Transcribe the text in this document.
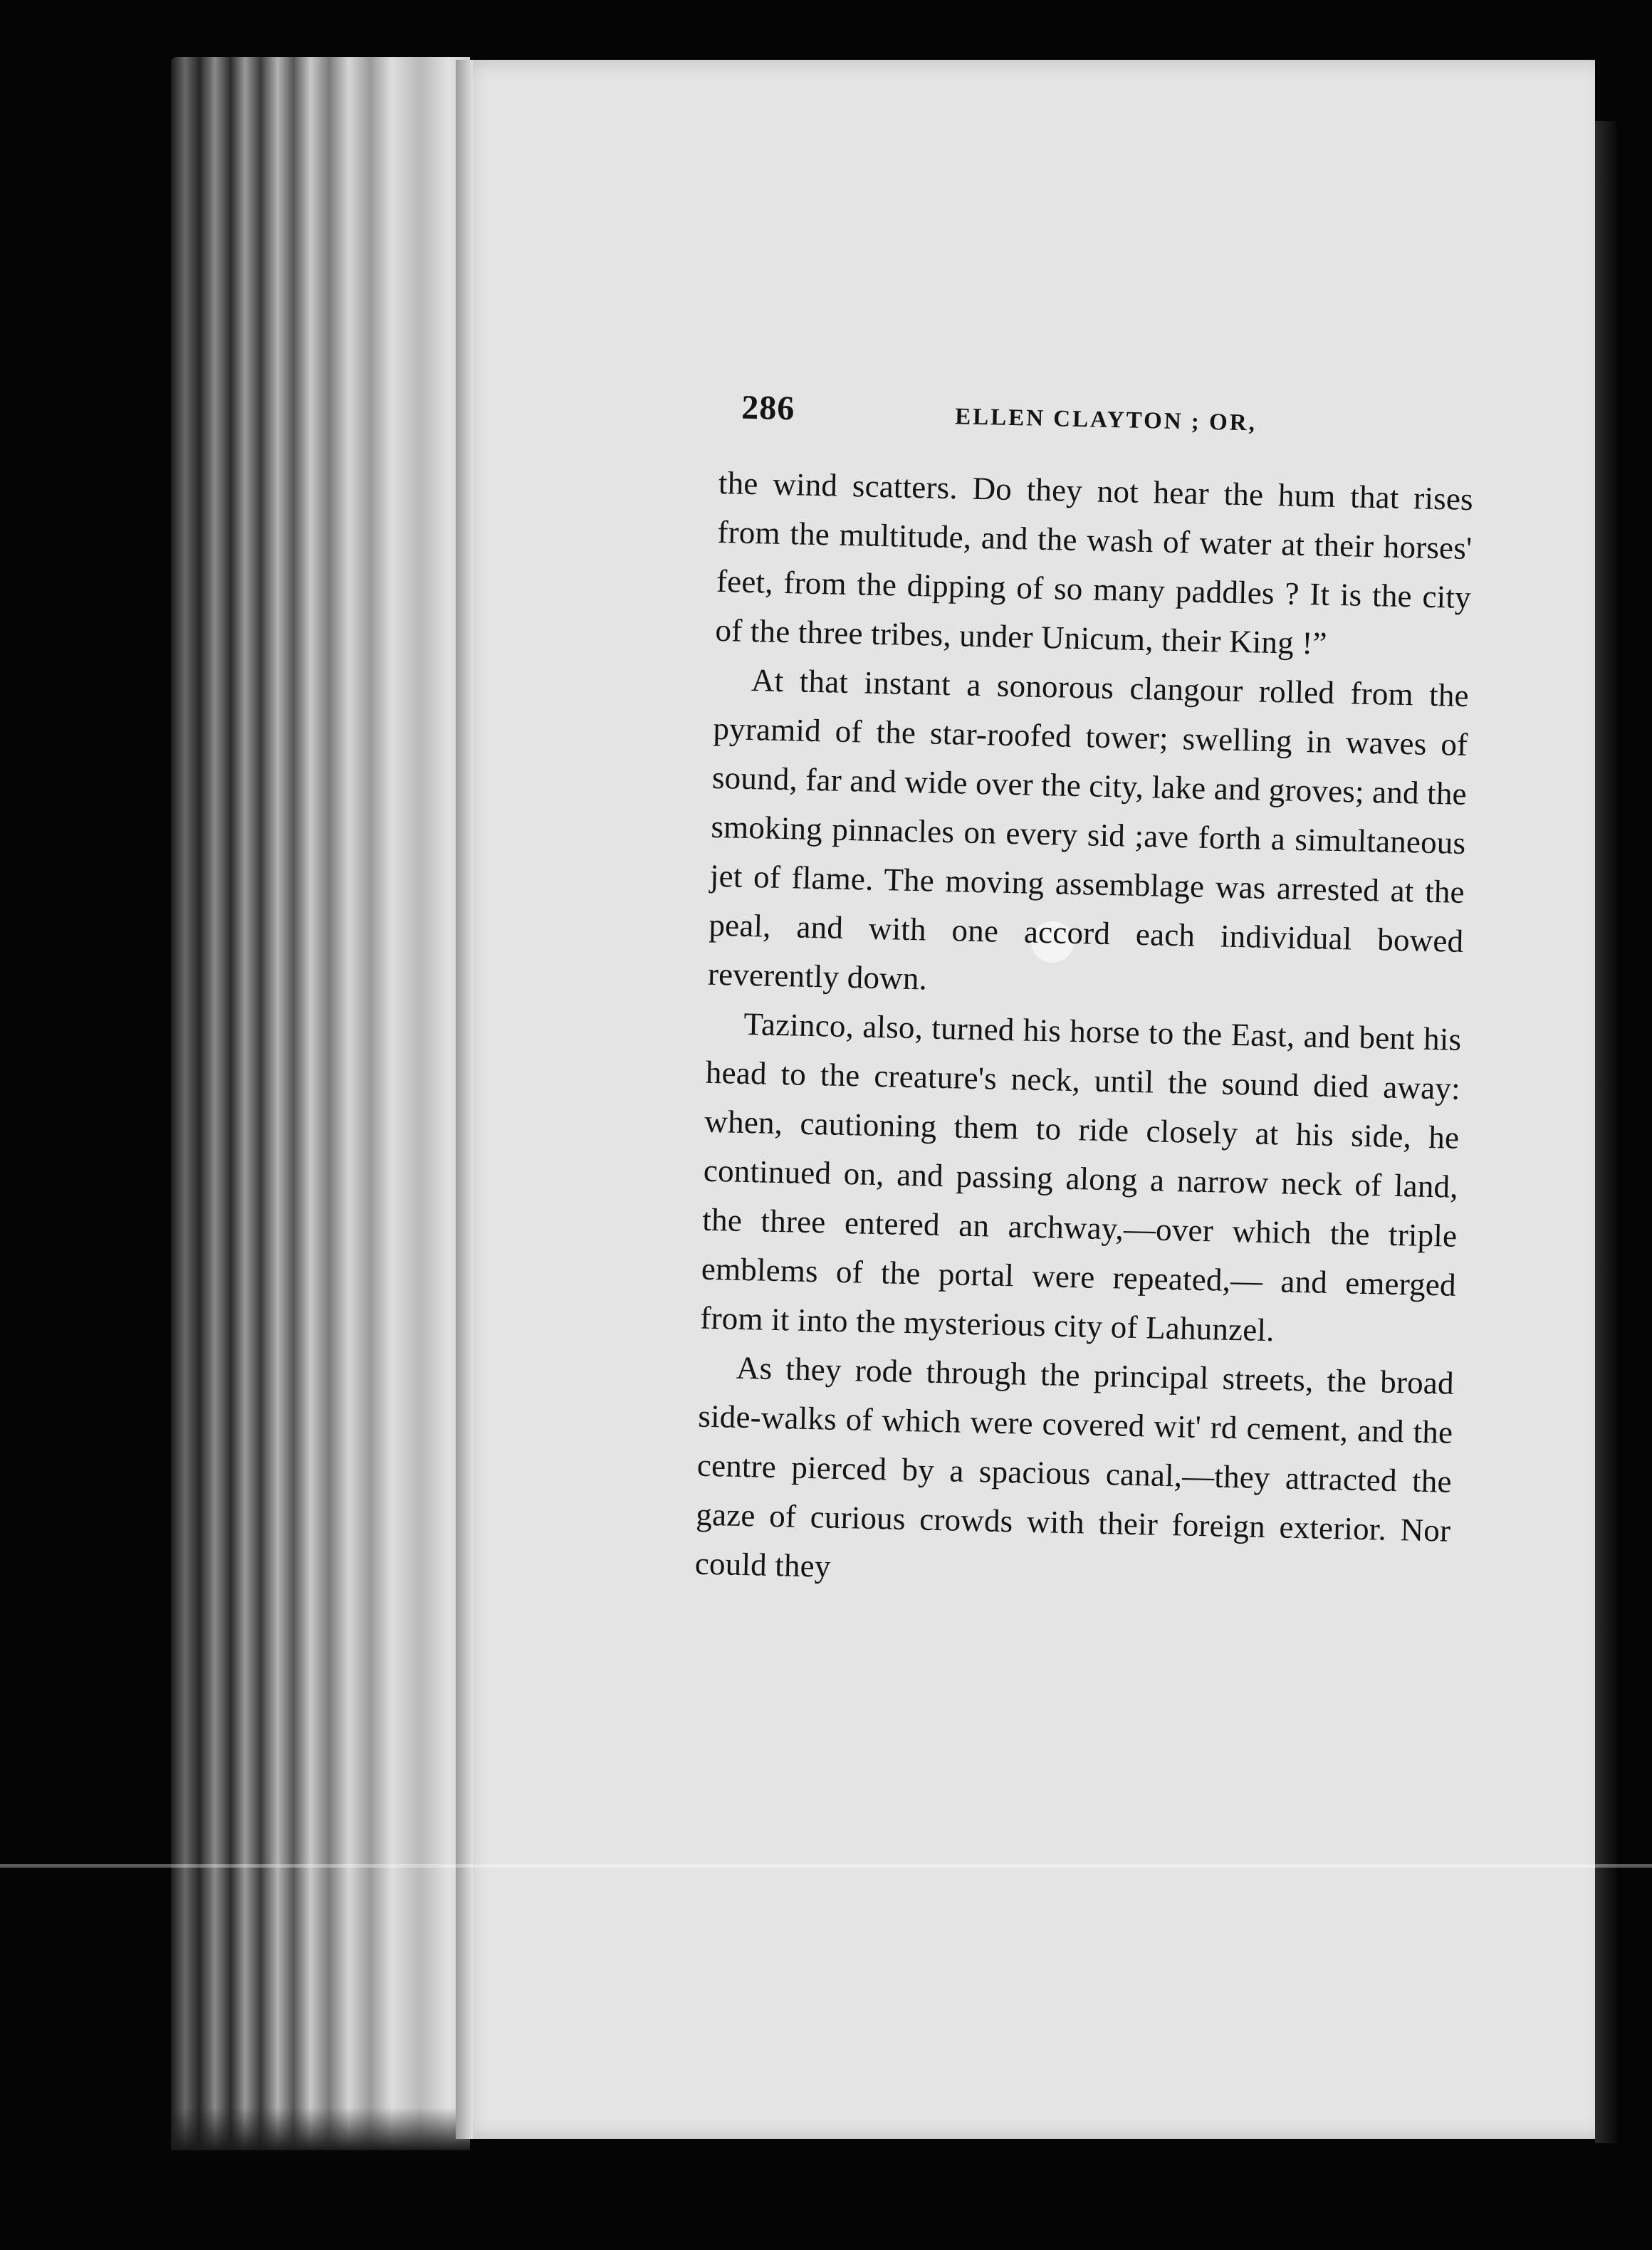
286	ELLEN CLAYTON ; OR,

the wind scatters. Do they not hear the hum that rises from the multitude, and the wash of water at their horses' feet, from the dipping of so many paddles ? It is the city of the three tribes, under Unicum, their King !”

At that instant a sonorous clangour rolled from the pyramid of the star-roofed tower; swelling in waves of sound, far and wide over the city, lake and groves; and the smoking pinnacles on every sid ;ave forth a simultaneous jet of flame. The moving assemblage was arrested at the peal, and with one accord each individual bowed reverently down.

Tazinco, also, turned his horse to the East, and bent his head to the creature's neck, until the sound died away: when, cautioning them to ride closely at his side, he continued on, and passing along a narrow neck of land, the three entered an archway,—over which the triple emblems of the portal were repeated,— and emerged from it into the mysterious city of Lahunzel.

As they rode through the principal streets, the broad side-walks of which were covered wit' rd cement, and the centre pierced by a spacious canal,—they attracted the gaze of curious crowds with their foreign exterior. Nor could they
